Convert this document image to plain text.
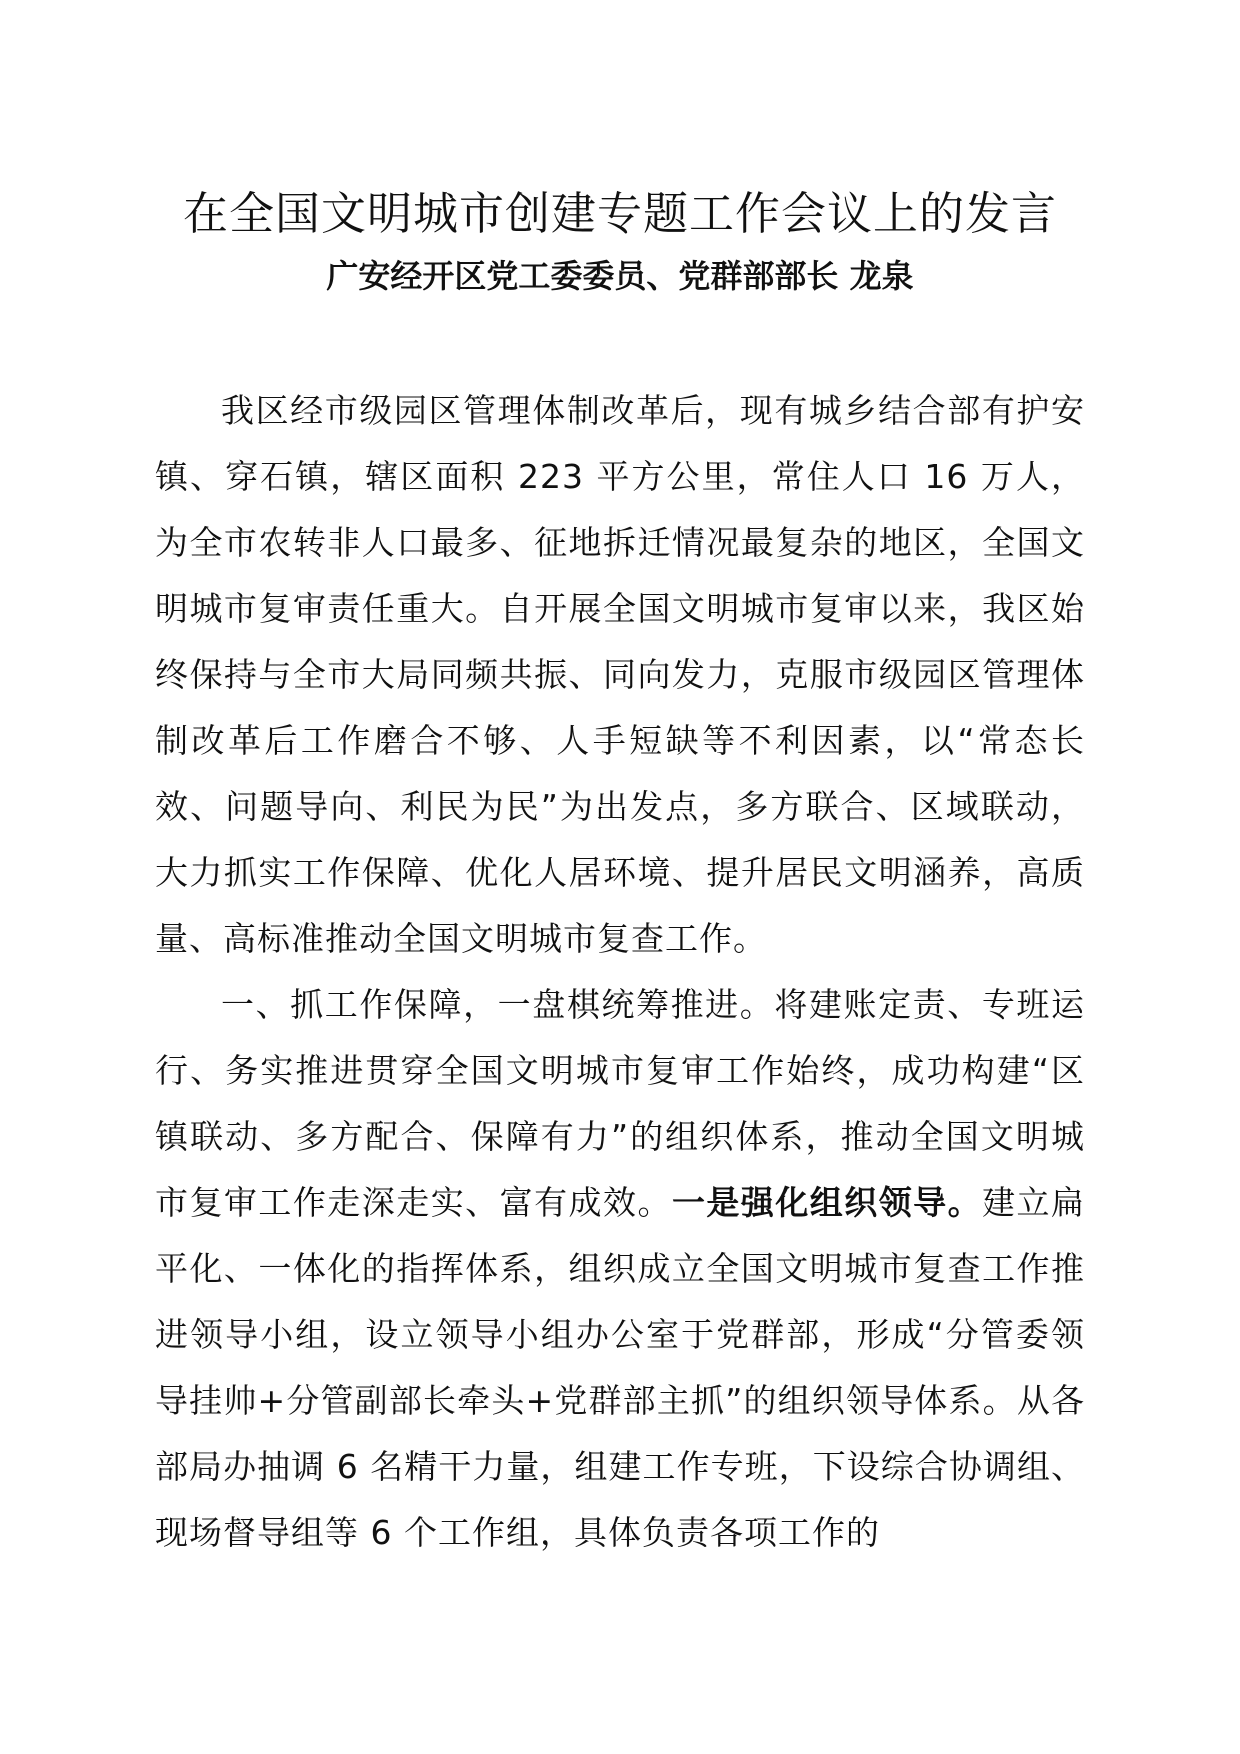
在全国文明城市创建专题工作会议上的发言
广安经开区党工委委员、党群部部长 龙泉

我区经市级园区管理体制改革后，现有城乡结合部有护安镇、穿石镇，辖区面积 223 平方公里，常住人口 16 万人，为全市农转非人口最多、征地拆迁情况最复杂的地区，全国文明城市复审责任重大。自开展全国文明城市复审以来，我区始终保持与全市大局同频共振、同向发力，克服市级园区管理体制改革后工作磨合不够、人手短缺等不利因素，以“常态长效、问题导向、利民为民”为出发点，多方联合、区域联动，大力抓实工作保障、优化人居环境、提升居民文明涵养，高质量、高标准推动全国文明城市复查工作。

一、抓工作保障，一盘棋统筹推进。将建账定责、专班运行、务实推进贯穿全国文明城市复审工作始终，成功构建“区镇联动、多方配合、保障有力”的组织体系，推动全国文明城市复审工作走深走实、富有成效。一是强化组织领导。建立扁平化、一体化的指挥体系，组织成立全国文明城市复查工作推进领导小组，设立领导小组办公室于党群部，形成“分管委领导挂帅+分管副部长牵头+党群部主抓”的组织领导体系。从各部局办抽调 6 名精干力量，组建工作专班，下设综合协调组、现场督导组等 6 个工作组，具体负责各项工作的
